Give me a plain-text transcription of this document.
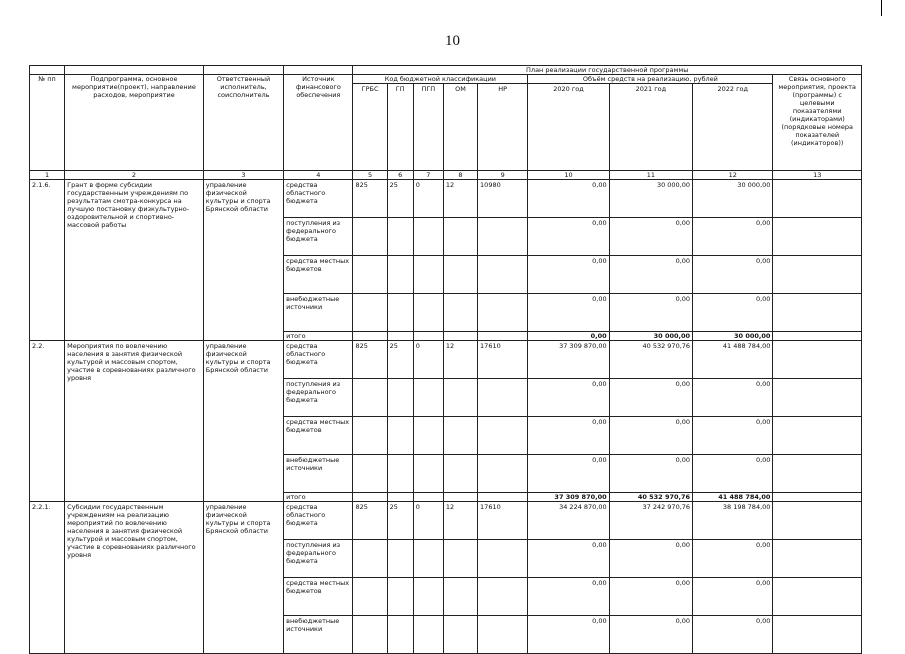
10
				План реализации государственной программы								
№ пп	Подпрограмма, основное мероприятие(проект), направление расходов, мероприятие	Ответственный исполнитель, соисполнитель	Источник финансового обеспечения	Код бюджетной классификации					Объём средств на реализацию, рублей			Связь основного мероприятия, проекта (программы) с целевыми показателями (индикаторами) (порядковые номера показателей (индикаторов))
				ГРБС	ГП	ПГП	ОМ	НР	2020 год	2021 год	2022 год	
1	2	3	4	5	6	7	8	9	10	11	12	13
2.1.6.	Грант в форме субсидии государственным учреждениям по результатам смотра-конкурса на лучшую постановку физкультурно-оздоровительной и спортивно-массовой работы	управление физической культуры и спорта Брянской области	средства областного бюджета	825	25	0	12	10980	0,00	30 000,00	30 000,00	
			поступления из федерального бюджета						0,00	0,00	0,00	
			средства местных бюджетов						0,00	0,00	0,00	
			внебюджетные источники						0,00	0,00	0,00	
			итого						0,00	30 000,00	30 000,00	
2.2.	Мероприятия по вовлечению населения в занятия физической культурой и массовым спортом, участие в соревнованиях различного уровня	управление физической культуры и спорта Брянской области	средства областного бюджета	825	25	0	12	17610	37 309 870,00	40 532 970,76	41 488 784,00	
			поступления из федерального бюджета						0,00	0,00	0,00	
			средства местных бюджетов						0,00	0,00	0,00	
			внебюджетные источники						0,00	0,00	0,00	
			итого						37 309 870,00	40 532 970,76	41 488 784,00	
2.2.1.	Субсидии государственным учреждениям на реализацию мероприятий по вовлечению населения в занятия физической культурой и массовым спортом, участие в соревнованиях различного уровня	управление физической культуры и спорта Брянской области	средства областного бюджета	825	25	0	12	17610	34 224 870,00	37 242 970,76	38 198 784,00	
			поступления из федерального бюджета						0,00	0,00	0,00	
			средства местных бюджетов						0,00	0,00	0,00	
			внебюджетные источники						0,00	0,00	0,00	
